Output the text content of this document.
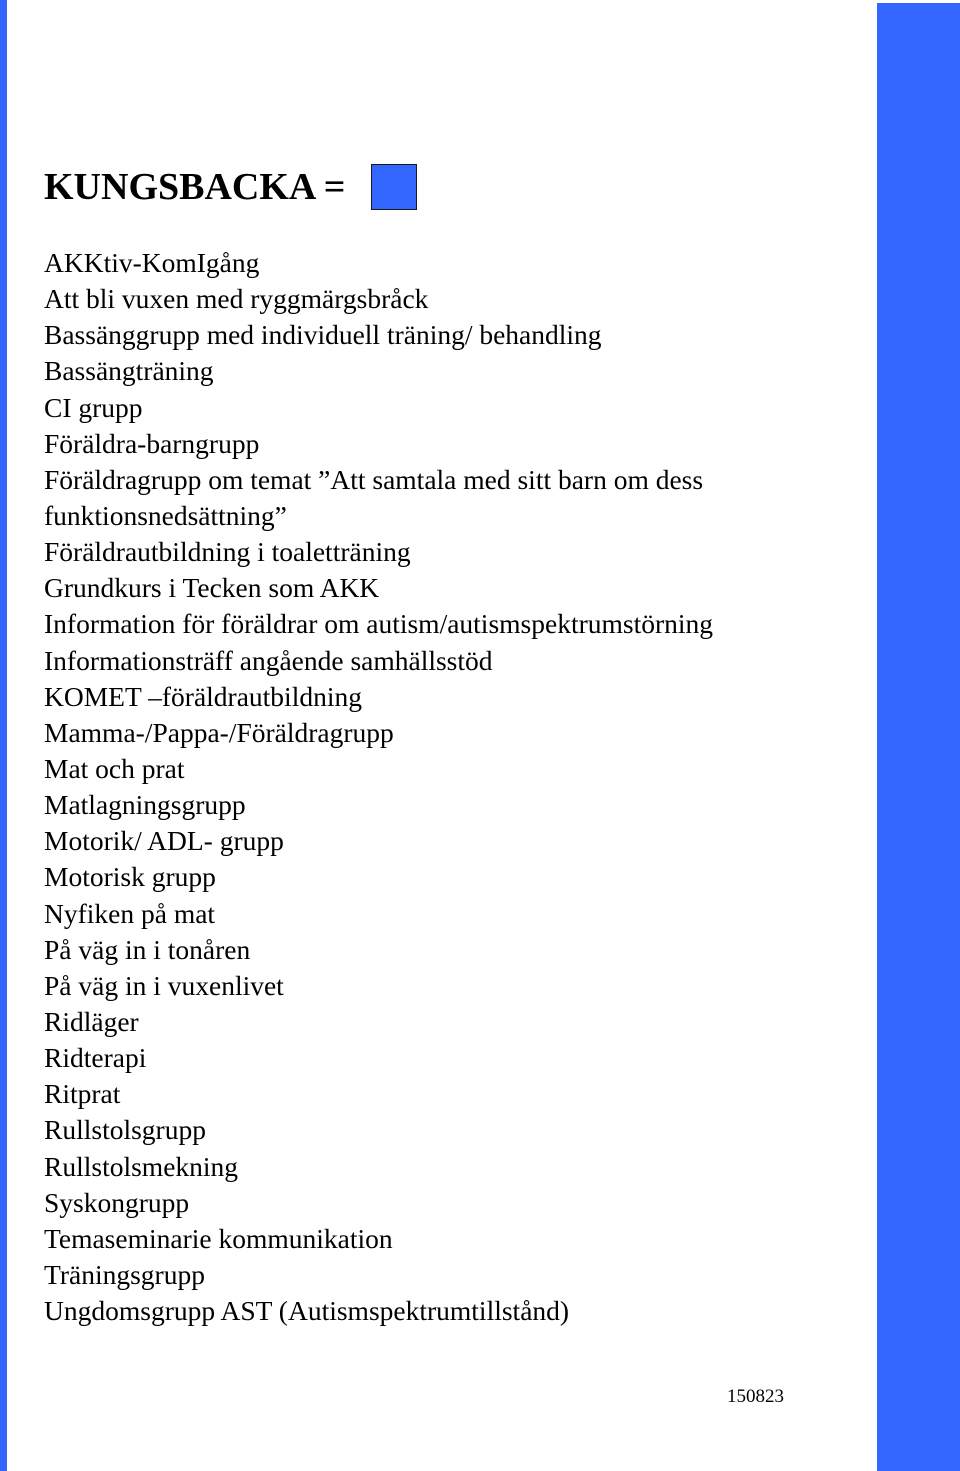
KUNGSBACKA =
AKKtiv-KomIgång
Att bli vuxen med ryggmärgsbråck
Bassänggrupp med individuell träning/ behandling
Bassängträning
CI grupp
Föräldra-barngrupp
Föräldragrupp om temat ”Att samtala med sitt barn om dess
funktionsnedsättning”
Föräldrautbildning i toaletträning
Grundkurs i Tecken som AKK
Information för föräldrar om autism/autismspektrumstörning
Informationsträff angående samhällsstöd
KOMET –föräldrautbildning
Mamma-/Pappa-/Föräldragrupp
Mat och prat
Matlagningsgrupp
Motorik/ ADL- grupp
Motorisk grupp
Nyfiken på mat
På väg in i tonåren
På väg in i vuxenlivet
Ridläger
Ridterapi
Ritprat
Rullstolsgrupp
Rullstolsmekning
Syskongrupp
Temaseminarie kommunikation
Träningsgrupp
Ungdomsgrupp AST (Autismspektrumtillstånd)
150823
